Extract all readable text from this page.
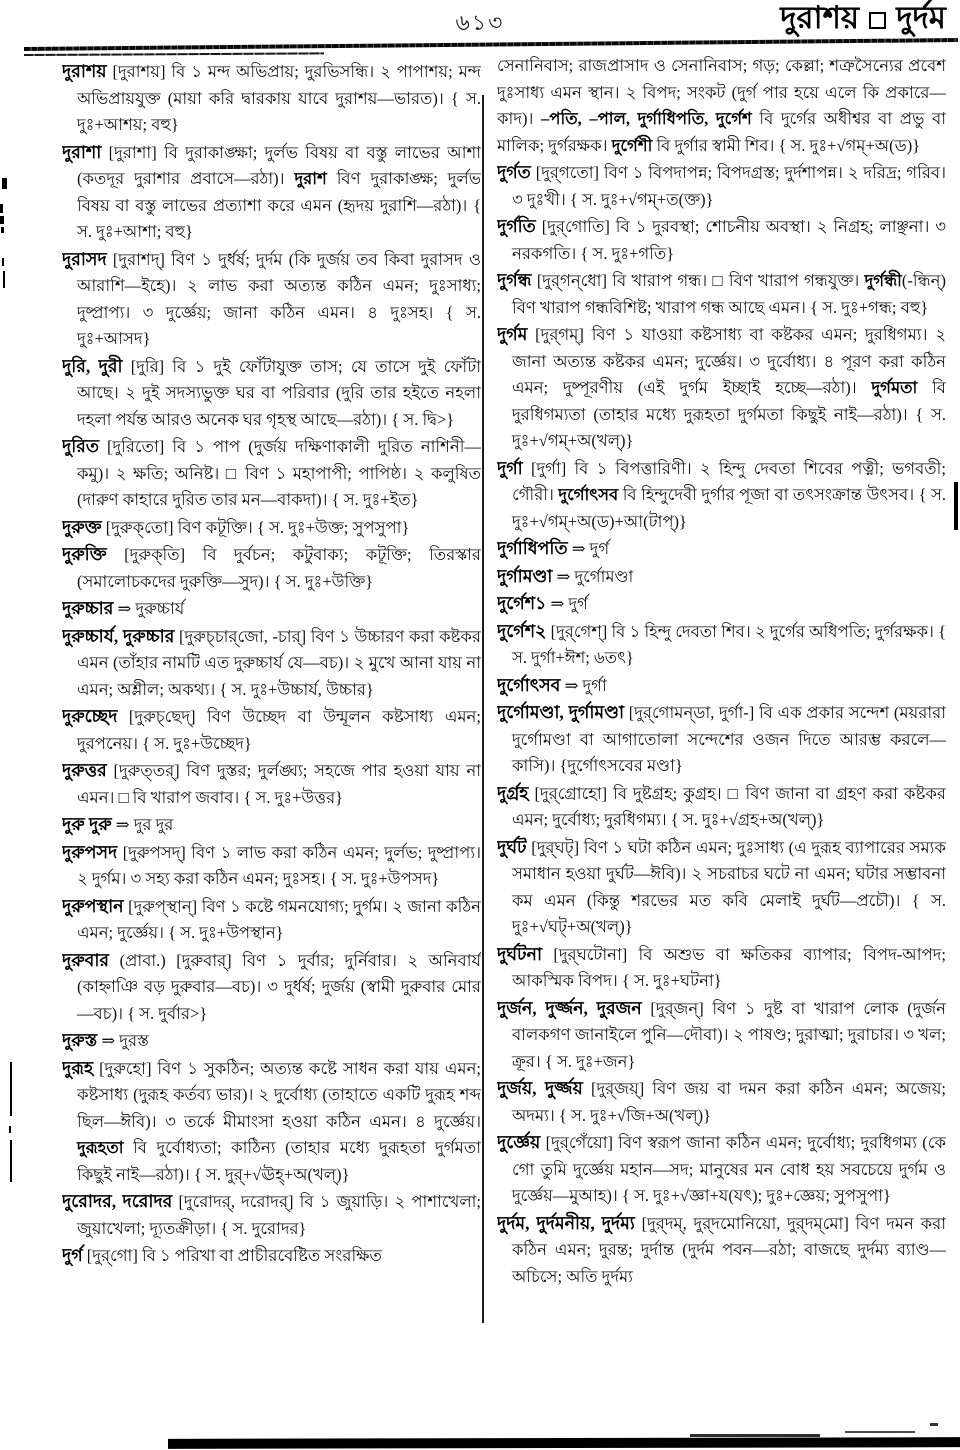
৬১৩	দুরাশয় দুর্দম

দুরাশয় [দুরাশয়] বি ১ মন্দ অভিপ্রায়; দুরভিসন্ধি। ২ পাপাশয়; মন্দ অভিপ্রায়যুক্ত (মায়া করি দ্বারকায় যাবে দুরাশয়—ভারত)। { স. দুঃ+আশয়; বহু}

দুরাশা [দুরাশা] বি দুরাকাঙ্ক্ষা; দুর্লভ বিষয় বা বস্তু লাভের আশা (কতদূর দুরাশার প্রবাসে—রঠা)। দুরাশ বিণ দুরাকাঙ্ক্ষ; দুর্লভ বিষয় বা বস্তু লাভের প্রত্যাশা করে এমন (হৃদয় দুরাশি—রঠা)। { স. দুঃ+আশা; বহু}

দুরাসদ [দুরাশদ্] বিণ ১ দুর্ধর্ষ; দুর্দম (কি দুর্জয় তব কিবা দুরাসদ ও আরাশি—ইহে)। ২ লাভ করা অত্যন্ত কঠিন এমন; দুঃসাধ্য; দুষ্প্রাপ্য। ৩ দুর্জ্ঞেয়; জানা কঠিন এমন। ৪ দুঃসহ। { স. দুঃ+আসদ}

দুরি, দুরী [দুরি] বি ১ দুই ফোঁটাযুক্ত তাস; যে তাসে দুই ফোঁটা আছে। ২ দুই সদস্যভুক্ত ঘর বা পরিবার (দুরি তার হইতে নহলা দহলা পর্যন্ত আরও অনেক ঘর গৃহস্থ আছে—রঠা)। { স. দ্বি>}

দুরিত [দুরিতো] বি ১ পাপ (দুর্জয় দক্ষিণাকালী দুরিত নাশিনী—কমু)। ২ ক্ষতি; অনিষ্ট। □ বিণ ১ মহাপাপী; পাপিষ্ঠ। ২ কলুষিত (দারুণ কাহারে দুরিত তার মন—বাকদা)। { স. দুঃ+ইত}

দুরুক্ত [দুরুক্‌তো] বিণ কটূক্তি। { স. দুঃ+উক্ত; সুপসুপা}

দুরুক্তি [দুরুক্‌তি] বি দুর্বচন; কটুবাক্য; কটূক্তি; তিরস্কার (সমালোচকদের দুরুক্তি—সুদ)। { স. দুঃ+উক্তি}

দুরুচ্চার ⇒ দুরুচ্চার্য

দুরুচ্চার্য, দুরুচ্চার [দুরুচ্‌চার্‌জো, -চার্] বিণ ১ উচ্চারণ করা কষ্টকর এমন (তাঁহার নামটি এত দুরুচ্চার্য যে—বচ)। ২ মুখে আনা যায় না এমন; অশ্লীল; অকথ্য। { স. দুঃ+উচ্চার্য, উচ্চার}

দুরুচ্ছেদ [দুরুচ্‌ছেদ্] বিণ উচ্ছেদ বা উন্মূলন কষ্টসাধ্য এমন; দুরপনেয়। { স. দুঃ+উচ্ছেদ}

দুরুত্তর [দুরুত্‌তর্] বিণ দুস্তর; দুর্লঙ্ঘ্য; সহজে পার হওয়া যায় না এমন। □ বি খারাপ জবাব। { স. দুঃ+উত্তর}

দুরু দুরু ⇒ দুর দুর

দুরুপসদ [দুরুপসদ্] বিণ ১ লাভ করা কঠিন এমন; দুর্লভ; দুষ্প্রাপ্য। ২ দুর্গম। ৩ সহ্য করা কঠিন এমন; দুঃসহ। { স. দুঃ+উপসদ}

দুরুপস্থান [দুরুপ্‌স্থান্] বিণ ১ কষ্টে গমনযোগ্য; দুর্গম। ২ জানা কঠিন এমন; দুর্জ্ঞেয়। { স. দুঃ+উপস্থান}

দুরুবার (প্রাবা.) [দুরুবার্] বিণ ১ দুর্বার; দুর্নিবার। ২ অনিবার্য (কাহ্নাঞি বড় দুরুবার—বচ)। ৩ দুর্ধর্ষ; দুর্জয় (স্বামী দুরুবার মোর—বচ)। { স. দুর্বার>}

দুরুস্ত ⇒ দুরস্ত

দুরূহ [দুরুহো] বিণ ১ সুকঠিন; অত্যন্ত কষ্টে সাধন করা যায় এমন; কষ্টসাধ্য (দুরূহ কর্তব্য ভার)। ২ দুর্বোধ্য (তাহাতে একটি দুরূহ শব্দ ছিল—ঈবি)। ৩ তর্কে মীমাংসা হওয়া কঠিন এমন। ৪ দুর্জ্ঞেয়। দুরূহতা বি দুর্বোধ্যতা; কাঠিন্য (তাহার মধ্যে দুরূহতা দুর্গমতা কিছুই নাই—রঠা)। { স. দুর্+√ঊহ্+অ(খল্)}

দুরোদর, দরোদর [দুরোদর্, দরোদর্] বি ১ জুয়াড়ি। ২ পাশাখেলা; জুয়াখেলা; দ্যূতক্রীড়া। { স. দুরোদর}

দুর্গ [দুর্‌গো] বি ১ পরিখা বা প্রাচীরবেষ্টিত সংরক্ষিত

সেনানিবাস; রাজপ্রাসাদ ও সেনানিবাস; গড়; কেল্লা; শত্রুসৈন্যের প্রবেশ দুঃসাধ্য এমন স্থান। ২ বিপদ; সংকট (দুর্গ পার হয়ে এলে কি প্রকারে—কাদ)। –পতি, –পাল, দুর্গাধিপতি, দুর্গেশ বি দুর্গের অধীশ্বর বা প্রভু বা মালিক; দুর্গরক্ষক। দুর্গেশী বি দুর্গার স্বামী শিব। { স. দুঃ+√গম্+অ(ড)}

দুর্গত [দুর্‌গতো] বিণ ১ বিপদাপন্ন; বিপদগ্রস্ত; দুর্দশাপন্ন। ২ দরিদ্র; গরিব। ৩ দুঃখী। { স. দুঃ+√গম্+ত(ক্ত)}

দুর্গতি [দুর্‌গোতি] বি ১ দুরবস্থা; শোচনীয় অবস্থা। ২ নিগ্রহ; লাঞ্ছনা। ৩ নরকগতি। { স. দুঃ+গতি}

দুর্গন্ধ [দুর্‌গন্‌ধো] বি খারাপ গন্ধ। □ বিণ খারাপ গন্ধযুক্ত। দুর্গন্ধী(-ন্ধিন্) বিণ খারাপ গন্ধবিশিষ্ট; খারাপ গন্ধ আছে এমন। { স. দুঃ+গন্ধ; বহু}

দুর্গম [দুর্‌গম্] বিণ ১ যাওয়া কষ্টসাধ্য বা কষ্টকর এমন; দুরধিগম্য। ২ জানা অত্যন্ত কষ্টকর এমন; দুর্জ্ঞেয়। ৩ দুর্বোধ্য। ৪ পূরণ করা কঠিন এমন; দুষ্পূরণীয় (এই দুর্গম ইচ্ছাই হচ্ছে—রঠা)। দুর্গমতা বি দুরধিগম্যতা (তাহার মধ্যে দুরূহতা দুর্গমতা কিছুই নাই—রঠা)। { স. দুঃ+√গম্+অ(খল্)}

দুর্গা [দুর্গা] বি ১ বিপত্তারিণী। ২ হিন্দু দেবতা শিবের পত্নী; ভগবতী; গৌরী। দুর্গোৎসব বি হিন্দুদেবী দুর্গার পূজা বা তৎসংক্রান্ত উৎসব। { স. দুঃ+√গম্+অ(ড)+আ(টাপ্)}

দুর্গাধিপতি ⇒ দুর্গ

দুর্গামণ্ডা ⇒ দুর্গোমণ্ডা

দুর্গেশ১ ⇒ দুর্গ

দুর্গেশ২ [দুর্‌গেশ্] বি ১ হিন্দু দেবতা শিব। ২ দুর্গের অধিপতি; দুর্গরক্ষক। { স. দুর্গা+ঈশ; ৬তৎ}

দুর্গোৎসব ⇒ দুর্গা

দুর্গোমণ্ডা, দুর্গামণ্ডা [দুর্‌গোমন্‌ডা, দুর্গা-] বি এক প্রকার সন্দেশ (ময়রারা দুর্গোমণ্ডা বা আগাতোলা সন্দেশের ওজন দিতে আরম্ভ করলে—কাসি)। {দুর্গোৎসবের মণ্ডা}

দুর্গ্রহ [দুর্‌গ্রোহো] বি দুষ্টগ্রহ; কুগ্রহ। □ বিণ জানা বা গ্রহণ করা কষ্টকর এমন; দুর্বোধ্য; দুরধিগম্য। { স. দুঃ+√গ্রহ+অ(খল্)}

দুর্ঘট [দুর্‌ঘট্] বিণ ১ ঘটা কঠিন এমন; দুঃসাধ্য (এ দুরূহ ব্যাপারের সম্যক সমাধান হওয়া দুর্ঘট—ঈবি)। ২ সচরাচর ঘটে না এমন; ঘটার সম্ভাবনা কম এমন (কিন্তু শরভের মত কবি মেলাই দুর্ঘট—প্রচৌ)। { স. দুঃ+√ঘট্+অ(খল্)}

দুর্ঘটনা [দুর্‌ঘটোনা] বি অশুভ বা ক্ষতিকর ব্যাপার; বিপদ-আপদ; আকস্মিক বিপদ। { স. দুঃ+ঘটনা}

দুর্জন, দুর্জ্জন, দুরজন [দুর্‌জন্] বিণ ১ দুষ্ট বা খারাপ লোক (দুর্জন বালকগণ জানাইলে পুনি—দৌবা)। ২ পাষণ্ড; দুরাত্মা; দুরাচার। ৩ খল; ক্রূর। { স. দুঃ+জন}

দুর্জয়, দুর্জ্জয় [দুর্‌জয়্] বিণ জয় বা দমন করা কঠিন এমন; অজেয়; অদম্য। { স. দুঃ+√জি+অ(খল্)}

দুর্জ্ঞেয় [দুর্‌গেঁয়ো] বিণ স্বরূপ জানা কঠিন এমন; দুর্বোধ্য; দুরধিগম্য (কে গো তুমি দুর্জ্ঞেয় মহান—সদ; মানুষের মন বোধ হয় সবচেয়ে দুর্গম ও দুর্জ্ঞেয়—মুআহ)। { স. দুঃ+√জ্ঞা+য(যৎ); দুঃ+জ্ঞেয়; সুপসুপা}

দুর্দম, দুর্দমনীয়, দুর্দম্য [দুর্‌দম্, দুর্‌দমোনিয়ো, দুর্‌দম্‌মো] বিণ দমন করা কঠিন এমন; দুরন্ত; দুর্দান্ত (দুর্দম পবন—রঠা; বাজছে দুর্দম্য ব্যাণ্ড—অচিসে; অতি দুর্দম্য
